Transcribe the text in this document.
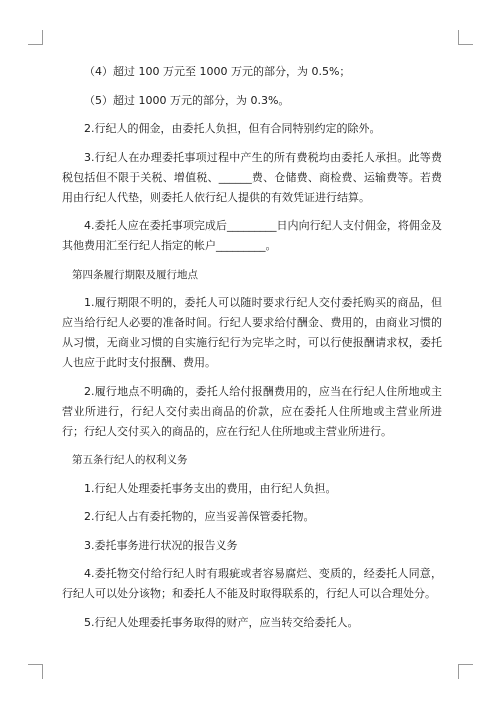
（4）超过 100 万元至 1000 万元的部分，为 0.5%；

（5）超过 1000 万元的部分，为 0.3%。

2.行纪人的佣金，由委托人负担，但有合同特别约定的除外。

3.行纪人在办理委托事项过程中产生的所有费税均由委托人承担。此等费税包括但不限于关税、增值税、______费、仓储费、商检费、运输费等。若费用由行纪人代垫，则委托人依行纪人提供的有效凭证进行结算。

4.委托人应在委托事项完成后_________日内向行纪人支付佣金，将佣金及其他费用汇至行纪人指定的帐户_________。

第四条履行期限及履行地点

1.履行期限不明的，委托人可以随时要求行纪人交付委托购买的商品，但应当给行纪人必要的准备时间。行纪人要求给付酬金、费用的，由商业习惯的从习惯，无商业习惯的自实施行纪行为完毕之时，可以行使报酬请求权，委托人也应于此时支付报酬、费用。

2.履行地点不明确的，委托人给付报酬费用的，应当在行纪人住所地或主营业所进行，行纪人交付卖出商品的价款，应在委托人住所地或主营业所进行；行纪人交付买入的商品的，应在行纪人住所地或主营业所进行。

第五条行纪人的权利义务

1.行纪人处理委托事务支出的费用，由行纪人负担。

2.行纪人占有委托物的，应当妥善保管委托物。

3.委托事务进行状况的报告义务

4.委托物交付给行纪人时有瑕疵或者容易腐烂、变质的，经委托人同意，行纪人可以处分该物；和委托人不能及时取得联系的，行纪人可以合理处分。

5.行纪人处理委托事务取得的财产，应当转交给委托人。
